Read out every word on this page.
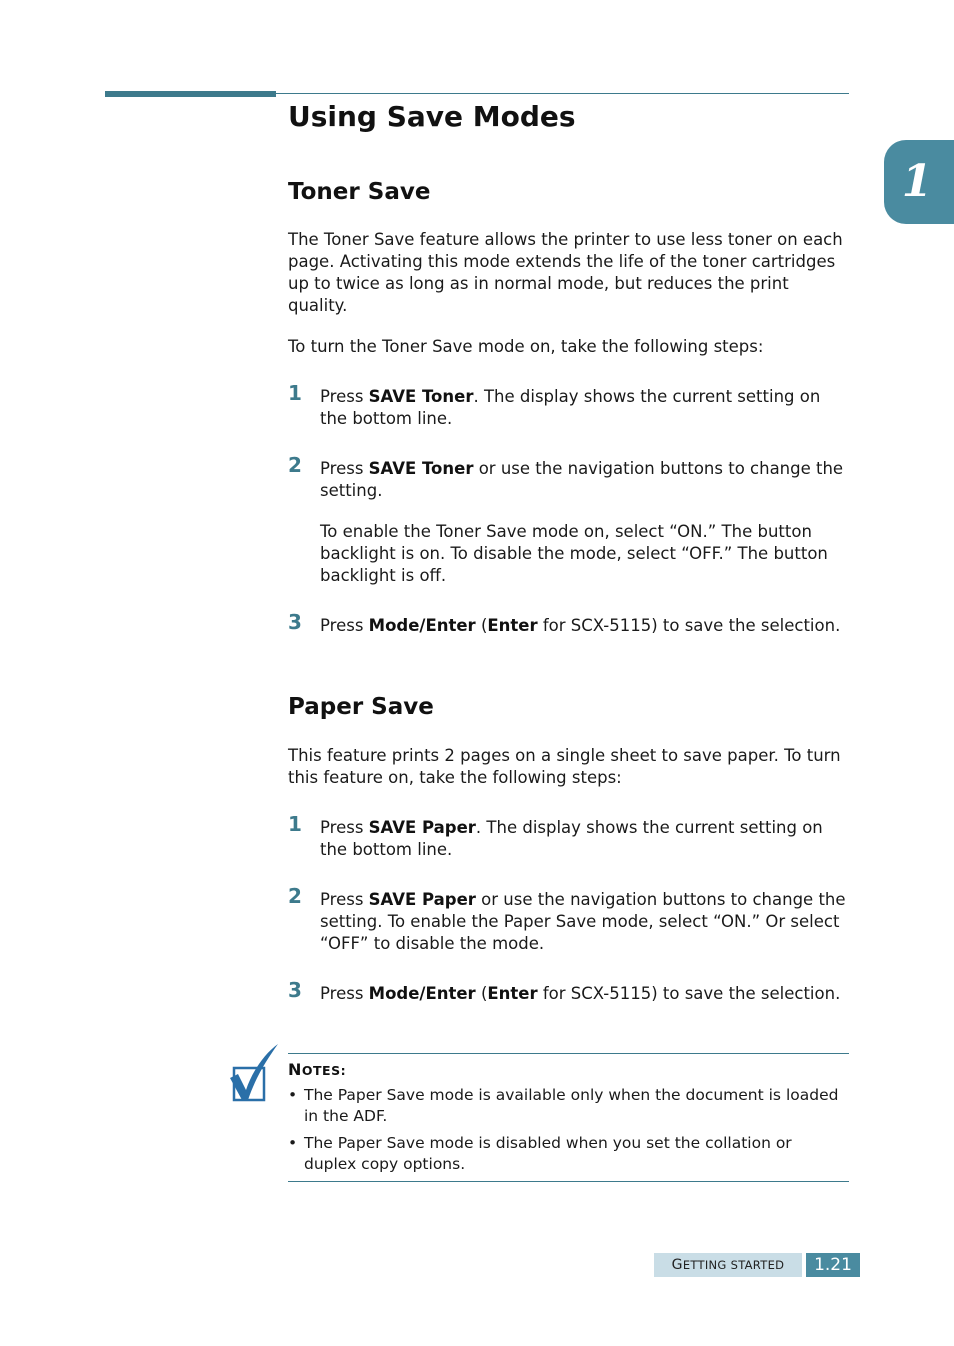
1
Using Save Modes
Toner Save
The Toner Save feature allows the printer to use less toner on each page. Activating this mode extends the life of the toner cartridges up to twice as long as in normal mode, but reduces the print quality.
To turn the Toner Save mode on, take the following steps:
1 Press SAVE Toner. The display shows the current setting on the bottom line.
2 Press SAVE Toner or use the navigation buttons to change the setting.
To enable the Toner Save mode on, select “ON.” The button backlight is on. To disable the mode, select “OFF.” The button backlight is off.
3 Press Mode/Enter (Enter for SCX-5115) to save the selection.
Paper Save
This feature prints 2 pages on a single sheet to save paper. To turn this feature on, take the following steps:
1 Press SAVE Paper. The display shows the current setting on the bottom line.
2 Press SAVE Paper or use the navigation buttons to change the setting. To enable the Paper Save mode, select “ON.” Or select “OFF” to disable the mode.
3 Press Mode/Enter (Enter for SCX-5115) to save the selection.
NOTES:
• The Paper Save mode is available only when the document is loaded in the ADF.
• The Paper Save mode is disabled when you set the collation or duplex copy options.
GETTING STARTED	1.21
